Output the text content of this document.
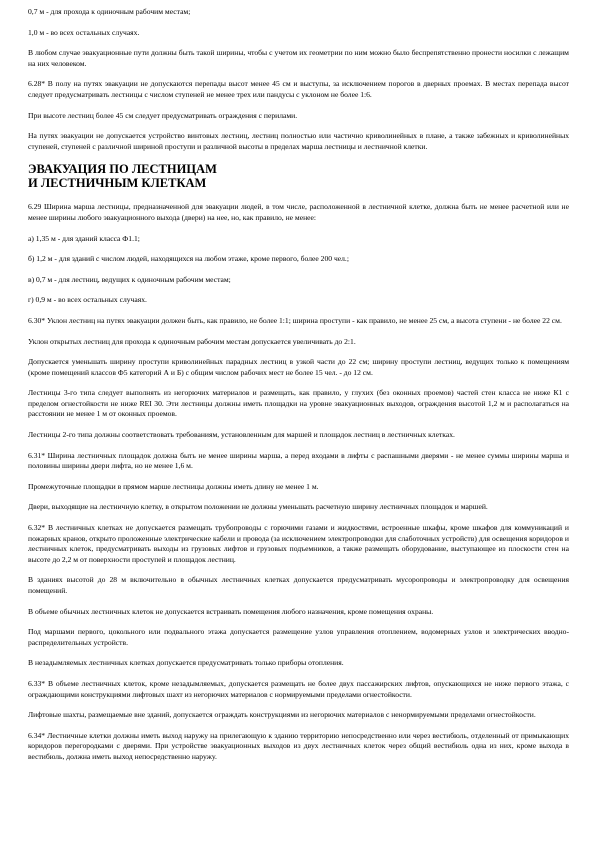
0,7 м - для прохода к одиночным рабочим местам;

1,0 м - во всех остальных случаях.

В любом случае эвакуационные пути должны быть такой ширины, чтобы с учетом их геометрии по ним можно было беспрепятственно пронести носилки с лежащим на них человеком.

6.28* В полу на путях эвакуации не допускаются перепады высот менее 45 см и выступы, за исключением порогов в дверных проемах. В местах перепада высот следует предусматривать лестницы с числом ступеней не менее трех или пандусы с уклоном не более 1:6.

При высоте лестниц более 45 см следует предусматривать ограждения с перилами.

На путях эвакуации не допускается устройство винтовых лестниц, лестниц полностью или частично криволинейных в плане, а также забежных и криволинейных ступеней, ступеней с различной шириной проступи и различной высоты в пределах марша лестницы и лестничной клетки.

ЭВАКУАЦИЯ ПО ЛЕСТНИЦАМ
И ЛЕСТНИЧНЫМ КЛЕТКАМ

6.29 Ширина марша лестницы, предназначенной для эвакуации людей, в том числе, расположенной в лестничной клетке, должна быть не менее расчетной или не менее ширины любого эвакуационного выхода (двери) на нее, но, как правило, не менее:

а) 1,35 м - для зданий класса Ф1.1;

б) 1,2 м - для зданий с числом людей, находящихся на любом этаже, кроме первого, более 200 чел.;

в) 0,7 м - для лестниц, ведущих к одиночным рабочим местам;

г) 0,9 м - во всех остальных случаях.

6.30* Уклон лестниц на путях эвакуации должен быть, как правило, не более 1:1; ширина проступи - как правило, не менее 25 см, а высота ступени - не более 22 см.

Уклон открытых лестниц для прохода к одиночным рабочим местам допускается увеличивать до 2:1.

Допускается уменьшать ширину проступи криволинейных парадных лестниц в узкой части до 22 см; ширину проступи лестниц, ведущих только к помещениям (кроме помещений классов Ф5 категорий А и Б) с общим числом рабочих мест не более 15 чел. - до 12 см.

Лестницы 3-го типа следует выполнять из негорючих материалов и размещать, как правило, у глухих (без оконных проемов) частей стен класса не ниже К1 с пределом огнестойкости не ниже REI 30. Эти лестницы должны иметь площадки на уровне эвакуационных выходов, ограждения высотой 1,2 м и располагаться на расстоянии не менее 1 м от оконных проемов.

Лестницы 2-го типа должны соответствовать требованиям, установленным для маршей и площадок лестниц в лестничных клетках.

6.31* Ширина лестничных площадок должна быть не менее ширины марша, а перед входами в лифты с распашными дверями - не менее суммы ширины марша и половины ширины двери лифта, но не менее 1,6 м.

Промежуточные площадки в прямом марше лестницы должны иметь длину не менее 1 м.

Двери, выходящие на лестничную клетку, в открытом положении не должны уменьшать расчетную ширину лестничных площадок и маршей.

6.32* В лестничных клетках не допускается размещать трубопроводы с горючими газами и жидкостями, встроенные шкафы, кроме шкафов для коммуникаций и пожарных кранов, открыто проложенные электрические кабели и провода (за исключением электропроводки для слаботочных устройств) для освещения коридоров и лестничных клеток, предусматривать выходы из грузовых лифтов и грузовых подъемников, а также размещать оборудование, выступающее из плоскости стен на высоте до 2,2 м от поверхности проступей и площадок лестниц.

В зданиях высотой до 28 м включительно в обычных лестничных клетках допускается предусматривать мусоропроводы и электропроводку для освещения помещений.

В объеме обычных лестничных клеток не допускается встраивать помещения любого назначения, кроме помещения охраны.

Под маршами первого, цокольного или подвального этажа допускается размещение узлов управления отоплением, водомерных узлов и электрических вводно-распределительных устройств.

В незадымляемых лестничных клетках допускается предусматривать только приборы отопления.

6.33* В объеме лестничных клеток, кроме незадымляемых, допускается размещать не более двух пассажирских лифтов, опускающихся не ниже первого этажа, с ограждающими конструкциями лифтовых шахт из негорючих материалов с нормируемыми пределами огнестойкости.

Лифтовые шахты, размещаемые вне зданий, допускается ограждать конструкциями из негорючих материалов с ненормируемыми пределами огнестойкости.

6.34* Лестничные клетки должны иметь выход наружу на прилегающую к зданию территорию непосредственно или через вестибюль, отделенный от примыкающих коридоров перегородками с дверями. При устройстве эвакуационных выходов из двух лестничных клеток через общий вестибюль одна из них, кроме выхода в вестибюль, должна иметь выход непосредственно наружу.
